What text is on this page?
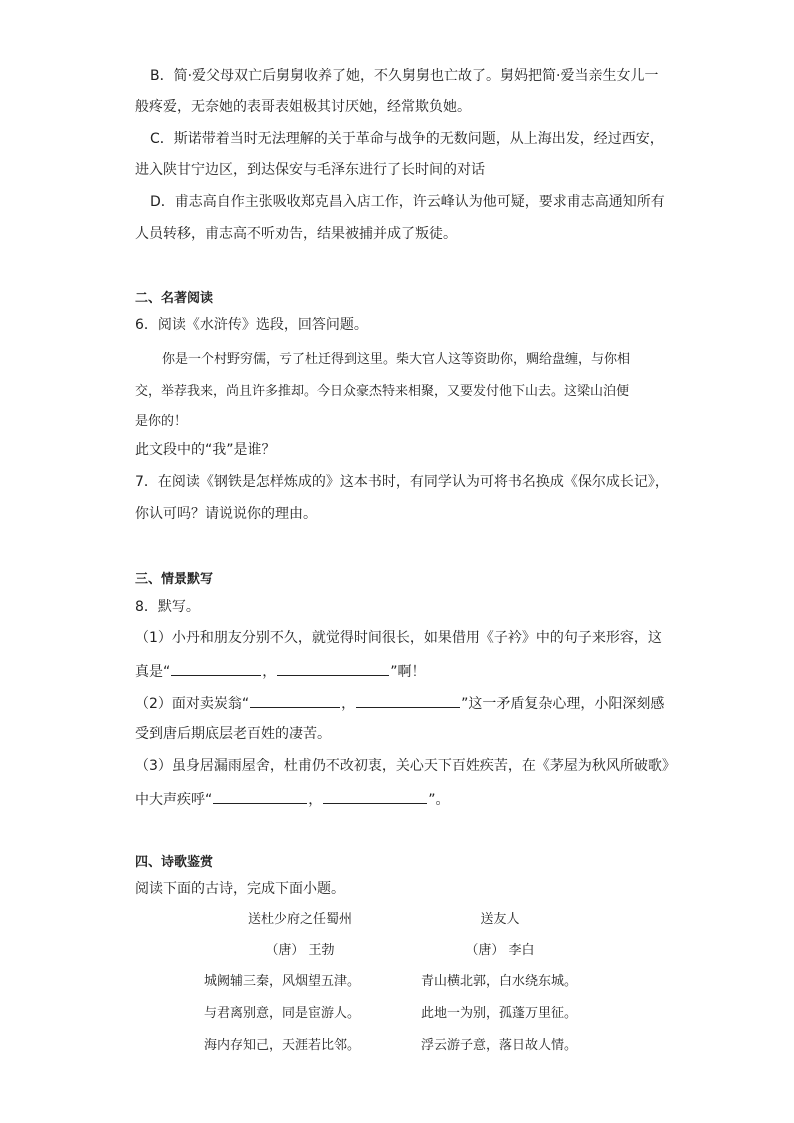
B．简·爱父母双亡后舅舅收养了她，不久舅舅也亡故了。舅妈把简·爱当亲生女儿一
般疼爱，无奈她的表哥表姐极其讨厌她，经常欺负她。
C．斯诺带着当时无法理解的关于革命与战争的无数问题，从上海出发，经过西安，
进入陕甘宁边区，到达保安与毛泽东进行了长时间的对话
D．甫志高自作主张吸收郑克昌入店工作，许云峰认为他可疑，要求甫志高通知所有
人员转移，甫志高不听劝告，结果被捕并成了叛徒。
二、名著阅读
6．阅读《水浒传》选段，回答问题。
你是一个村野穷儒，亏了杜迁得到这里。柴大官人这等资助你，赒给盘缠，与你相
交，举荐我来，尚且许多推却。今日众豪杰特来相聚，又要发付他下山去。这梁山泊便
是你的！
此文段中的“我”是谁？
7．在阅读《钢铁是怎样炼成的》这本书时，有同学认为可将书名换成《保尔成长记》，
你认可吗？请说说你的理由。
三、情景默写
8．默写。
（1）小丹和朋友分别不久，就觉得时间很长，如果借用《子衿》中的句子来形容，这
真是“	，	”啊！
（2）面对卖炭翁“	，	”这一矛盾复杂心理，小阳深刻感
受到唐后期底层老百姓的凄苦。
（3）虽身居漏雨屋舍，杜甫仍不改初衷，关心天下百姓疾苦，在《茅屋为秋风所破歌》
中大声疾呼“	，	”。
四、诗歌鉴赏
阅读下面的古诗，完成下面小题。
送杜少府之任蜀州
（唐） 王勃
城阙辅三秦，风烟望五津。
与君离别意，同是宦游人。
海内存知己，天涯若比邻。
送友人
（唐） 李白
青山横北郭，白水绕东城。
此地一为别，孤蓬万里征。
浮云游子意，落日故人情。
